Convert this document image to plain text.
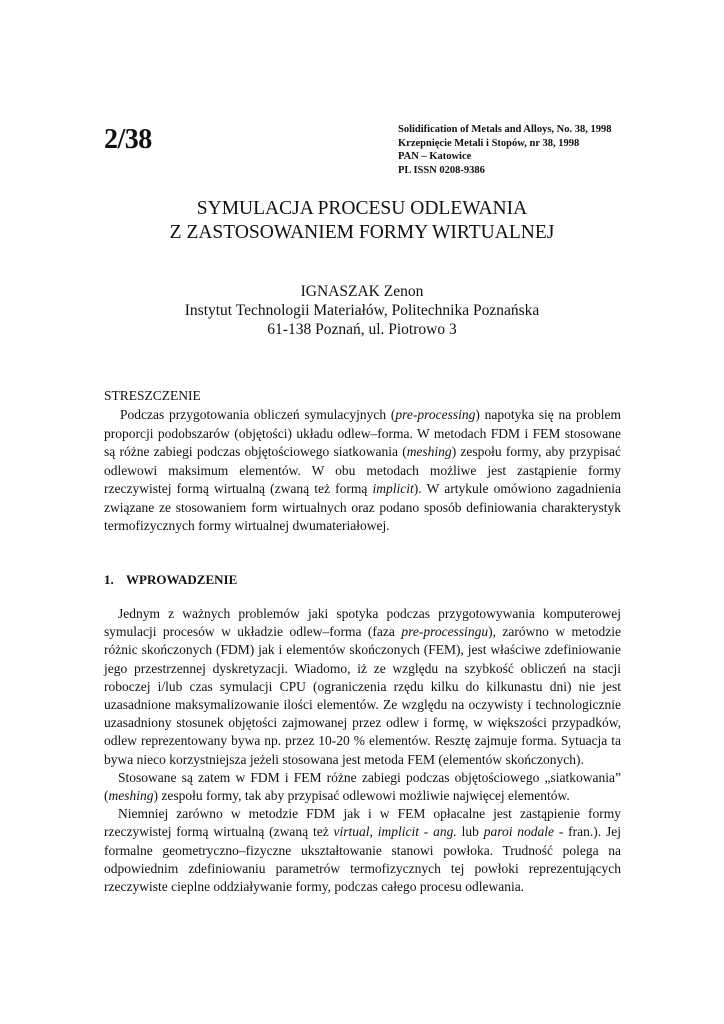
2/38	Solidification of Metals and Alloys, No. 38, 1998
Krzepnięcie Metali i Stopów, nr 38, 1998
PAN – Katowice
PL ISSN 0208-9386
SYMULACJA PROCESU ODLEWANIA
Z ZASTOSOWANIEM FORMY WIRTUALNEJ
IGNASZAK Zenon
Instytut Technologii Materiałów, Politechnika Poznańska
61-138 Poznań, ul. Piotrowo 3
STRESZCZENIE

Podczas przygotowania obliczeń symulacyjnych (pre-processing) napotyka się na problem proporcji podobszarów (objętości) układu odlew–forma. W metodach FDM i FEM stosowane są różne zabiegi podczas objętościowego siatkowania (meshing) zespołu formy, aby przypisać odlewowi maksimum elementów. W obu metodach możliwe jest zastąpienie formy rzeczywistej formą wirtualną (zwaną też formą implicit). W artykule omówiono zagadnienia związane ze stosowaniem form wirtualnych oraz podano sposób definiowania charakterystyk termofizycznych formy wirtualnej dwumateriałowej.

1. WPROWADZENIE

Jednym z ważnych problemów jaki spotyka podczas przygotowywania komputerowej symulacji procesów w układzie odlew–forma (faza pre-processingu), zarówno w metodzie różnic skończonych (FDM) jak i elementów skończonych (FEM), jest właściwe zdefiniowanie jego przestrzennej dyskretyzacji. Wiadomo, iż ze względu na szybkość obliczeń na stacji roboczej i/lub czas symulacji CPU (ograniczenia rzędu kilku do kilkunastu dni) nie jest uzasadnione maksymalizowanie ilości elementów. Ze względu na oczywisty i technologicznie uzasadniony stosunek objętości zajmowanej przez odlew i formę, w większości przypadków, odlew reprezentowany bywa np. przez 10-20 % elementów. Resztę zajmuje forma. Sytuacja ta bywa nieco korzystniejsza jeżeli stosowana jest metoda FEM (elementów skończonych).

Stosowane są zatem w FDM i FEM różne zabiegi podczas objętościowego „siatkowania” (meshing) zespołu formy, tak aby przypisać odlewowi możliwie najwięcej elementów.

Niemniej zarówno w metodzie FDM jak i w FEM opłacalne jest zastąpienie formy rzeczywistej formą wirtualną (zwaną też virtual, implicit - ang. lub paroi nodale - fran.). Jej formalne geometryczno–fizyczne ukształtowanie stanowi powłoka. Trudność polega na odpowiednim zdefiniowaniu parametrów termofizycznych tej powłoki reprezentujących rzeczywiste cieplne oddziaływanie formy, podczas całego procesu odlewania.
